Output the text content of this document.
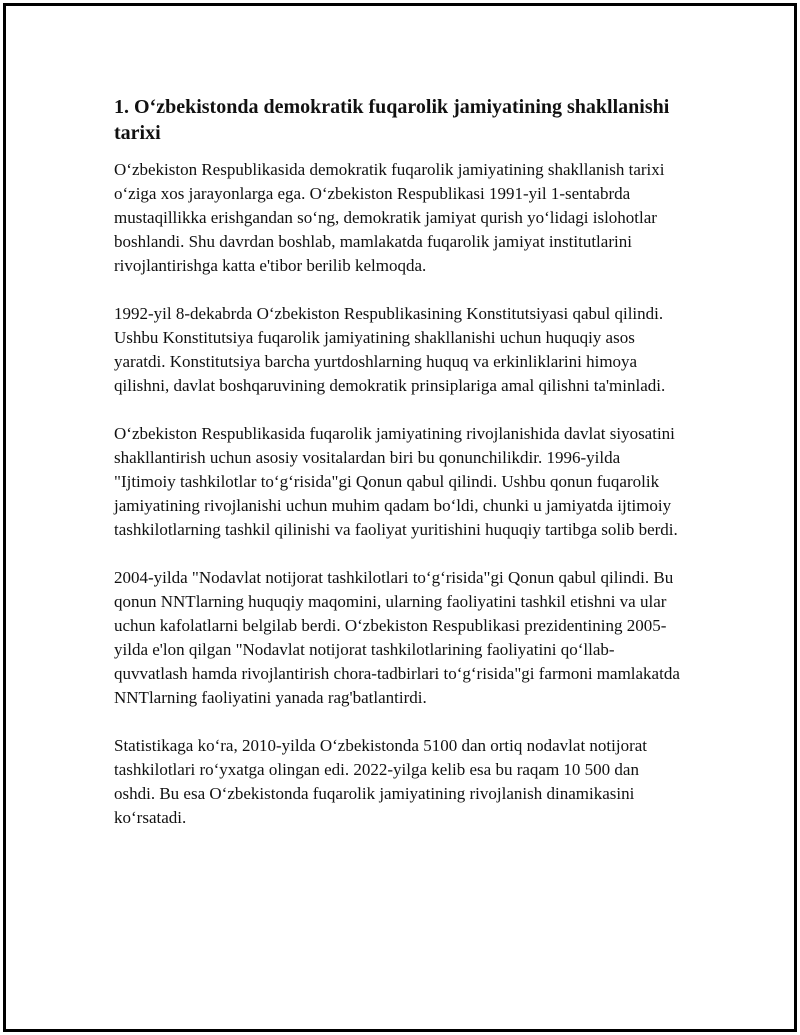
1. O‘zbekistonda demokratik fuqarolik jamiyatining shakllanishi tarixi

O‘zbekiston Respublikasida demokratik fuqarolik jamiyatining shakllanish tarixi o‘ziga xos jarayonlarga ega. O‘zbekiston Respublikasi 1991-yil 1-sentabrda mustaqillikka erishgandan so‘ng, demokratik jamiyat qurish yo‘lidagi islohotlar boshlandi. Shu davrdan boshlab, mamlakatda fuqarolik jamiyat institutlarini rivojlantirishga katta e'tibor berilib kelmoqda.

1992-yil 8-dekabrda O‘zbekiston Respublikasining Konstitutsiyasi qabul qilindi. Ushbu Konstitutsiya fuqarolik jamiyatining shakllanishi uchun huquqiy asos yaratdi. Konstitutsiya barcha yurtdoshlarning huquq va erkinliklarini himoya qilishni, davlat boshqaruvining demokratik prinsiplariga amal qilishni ta'minladi.

O‘zbekiston Respublikasida fuqarolik jamiyatining rivojlanishida davlat siyosatini shakllantirish uchun asosiy vositalardan biri bu qonunchilikdir. 1996-yilda "Ijtimoiy tashkilotlar to‘g‘risida"gi Qonun qabul qilindi. Ushbu qonun fuqarolik jamiyatining rivojlanishi uchun muhim qadam bo‘ldi, chunki u jamiyatda ijtimoiy tashkilotlarning tashkil qilinishi va faoliyat yuritishini huquqiy tartibga solib berdi.

2004-yilda "Nodavlat notijorat tashkilotlari to‘g‘risida"gi Qonun qabul qilindi. Bu qonun NNTlarning huquqiy maqomini, ularning faoliyatini tashkil etishni va ular uchun kafolatlarni belgilab berdi. O‘zbekiston Respublikasi prezidentining 2005-yilda e'lon qilgan "Nodavlat notijorat tashkilotlarining faoliyatini qo‘llab-quvvatlash hamda rivojlantirish chora-tadbirlari to‘g‘risida"gi farmoni mamlakatda NNTlarning faoliyatini yanada rag'batlantirdi.

Statistikaga ko‘ra, 2010-yilda O‘zbekistonda 5100 dan ortiq nodavlat notijorat tashkilotlari ro‘yxatga olingan edi. 2022-yilga kelib esa bu raqam 10 500 dan oshdi. Bu esa O‘zbekistonda fuqarolik jamiyatining rivojlanish dinamikasini ko‘rsatadi.
